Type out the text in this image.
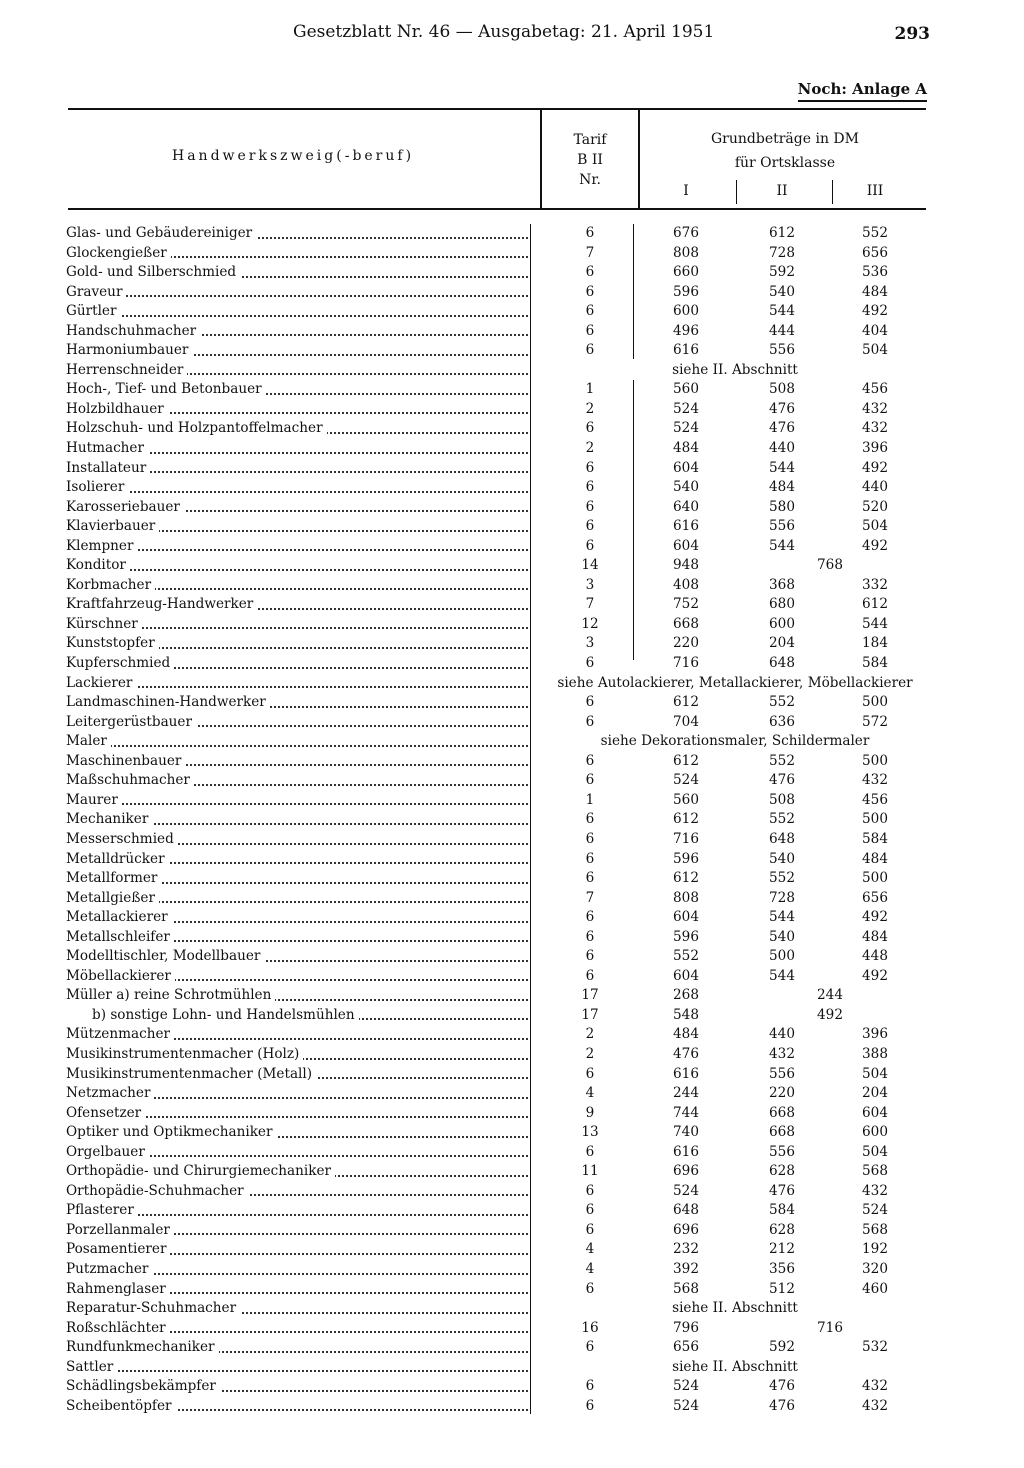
Gesetzblatt Nr. 46 — Ausgabetag: 21. April 1951	293
Noch: Anlage A
Handwerkszweig(-beruf)
Tarif
B II
Nr.
Grundbeträge in DM
für Ortsklasse
I	II	III
Glas- und Gebäudereiniger	6	676	612	552
Glockengießer	7	808	728	656
Gold- und Silberschmied	6	660	592	536
Graveur	6	596	540	484
Gürtler	6	600	544	492
Handschuhmacher	6	496	444	404
Harmoniumbauer	6	616	556	504
Herrenschneider	siehe II. Abschnitt
Hoch-, Tief- und Betonbauer	1	560	508	456
Holzbildhauer	2	524	476	432
Holzschuh- und Holzpantoffelmacher	6	524	476	432
Hutmacher	2	484	440	396
Installateur	6	604	544	492
Isolierer	6	540	484	440
Karosseriebauer	6	640	580	520
Klavierbauer	6	616	556	504
Klempner	6	604	544	492
Konditor	14	948	768
Korbmacher	3	408	368	332
Kraftfahrzeug-Handwerker	7	752	680	612
Kürschner	12	668	600	544
Kunststopfer	3	220	204	184
Kupferschmied	6	716	648	584
Lackierer	siehe Autolackierer, Metallackierer, Möbellackierer
Landmaschinen-Handwerker	6	612	552	500
Leitergerüstbauer	6	704	636	572
Maler	siehe Dekorationsmaler, Schildermaler
Maschinenbauer	6	612	552	500
Maßschuhmacher	6	524	476	432
Maurer	1	560	508	456
Mechaniker	6	612	552	500
Messerschmied	6	716	648	584
Metalldrücker	6	596	540	484
Metallformer	6	612	552	500
Metallgießer	7	808	728	656
Metallackierer	6	604	544	492
Metallschleifer	6	596	540	484
Modelltischler, Modellbauer	6	552	500	448
Möbellackierer	6	604	544	492
Müller a) reine Schrotmühlen	17	268	244
b) sonstige Lohn- und Handelsmühlen	17	548	492
Mützenmacher	2	484	440	396
Musikinstrumentenmacher (Holz)	2	476	432	388
Musikinstrumentenmacher (Metall)	6	616	556	504
Netzmacher	4	244	220	204
Ofensetzer	9	744	668	604
Optiker und Optikmechaniker	13	740	668	600
Orgelbauer	6	616	556	504
Orthopädie- und Chirurgiemechaniker	11	696	628	568
Orthopädie-Schuhmacher	6	524	476	432
Pflasterer	6	648	584	524
Porzellanmaler	6	696	628	568
Posamentierer	4	232	212	192
Putzmacher	4	392	356	320
Rahmenglaser	6	568	512	460
Reparatur-Schuhmacher	siehe II. Abschnitt
Roßschlächter	16	796	716
Rundfunkmechaniker	6	656	592	532
Sattler	siehe II. Abschnitt
Schädlingsbekämpfer	6	524	476	432
Scheibentöpfer	6	524	476	432
